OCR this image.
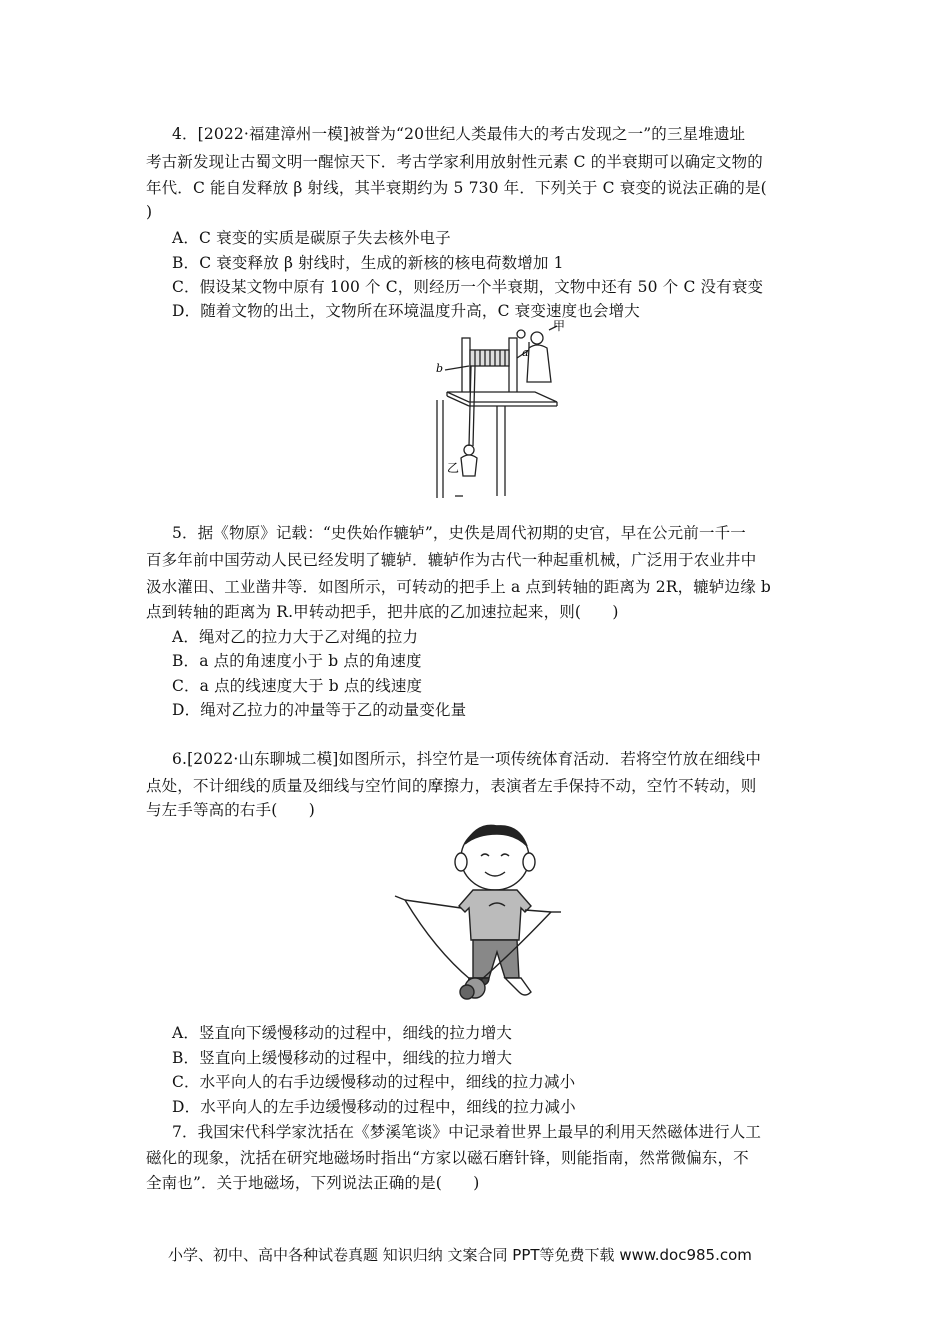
4．[2022·福建漳州一模]被誉为“20世纪人类最伟大的考古发现之一”的三星堆遗址
考古新发现让古蜀文明一醒惊天下．考古学家利用放射性元素 C 的半衰期可以确定文物的
年代．C 能自发释放 β 射线，其半衰期约为 5 730 年．下列关于 C 衰变的说法正确的是(
)
A．C 衰变的实质是碳原子失去核外电子
B．C 衰变释放 β 射线时，生成的新核的核电荷数增加 1
C．假设某文物中原有 100 个 C，则经历一个半衰期，文物中还有 50 个 C 没有衰变
D．随着文物的出土，文物所在环境温度升高，C 衰变速度也会增大
甲
a
b
乙
5．据《物原》记载：“史佚始作辘轳”，史佚是周代初期的史官，早在公元前一千一
百多年前中国劳动人民已经发明了辘轳．辘轳作为古代一种起重机械，广泛用于农业井中
汲水灌田、工业凿井等．如图所示，可转动的把手上 a 点到转轴的距离为 2R，辘轳边缘 b
点到转轴的距离为 R.甲转动把手，把井底的乙加速拉起来，则(　　)
A．绳对乙的拉力大于乙对绳的拉力
B．a 点的角速度小于 b 点的角速度
C．a 点的线速度大于 b 点的线速度
D．绳对乙拉力的冲量等于乙的动量变化量
6.[2022·山东聊城二模]如图所示，抖空竹是一项传统体育活动．若将空竹放在细线中
点处，不计细线的质量及细线与空竹间的摩擦力，表演者左手保持不动，空竹不转动，则
与左手等高的右手(　　)
A．竖直向下缓慢移动的过程中，细线的拉力增大
B．竖直向上缓慢移动的过程中，细线的拉力增大
C．水平向人的右手边缓慢移动的过程中，细线的拉力减小
D．水平向人的左手边缓慢移动的过程中，细线的拉力减小
7．我国宋代科学家沈括在《梦溪笔谈》中记录着世界上最早的利用天然磁体进行人工
磁化的现象，沈括在研究地磁场时指出“方家以磁石磨针锋，则能指南，然常微偏东，不
全南也”．关于地磁场，下列说法正确的是(　　)
小学、初中、高中各种试卷真题 知识归纳 文案合同 PPT等免费下载 www.doc985.com
